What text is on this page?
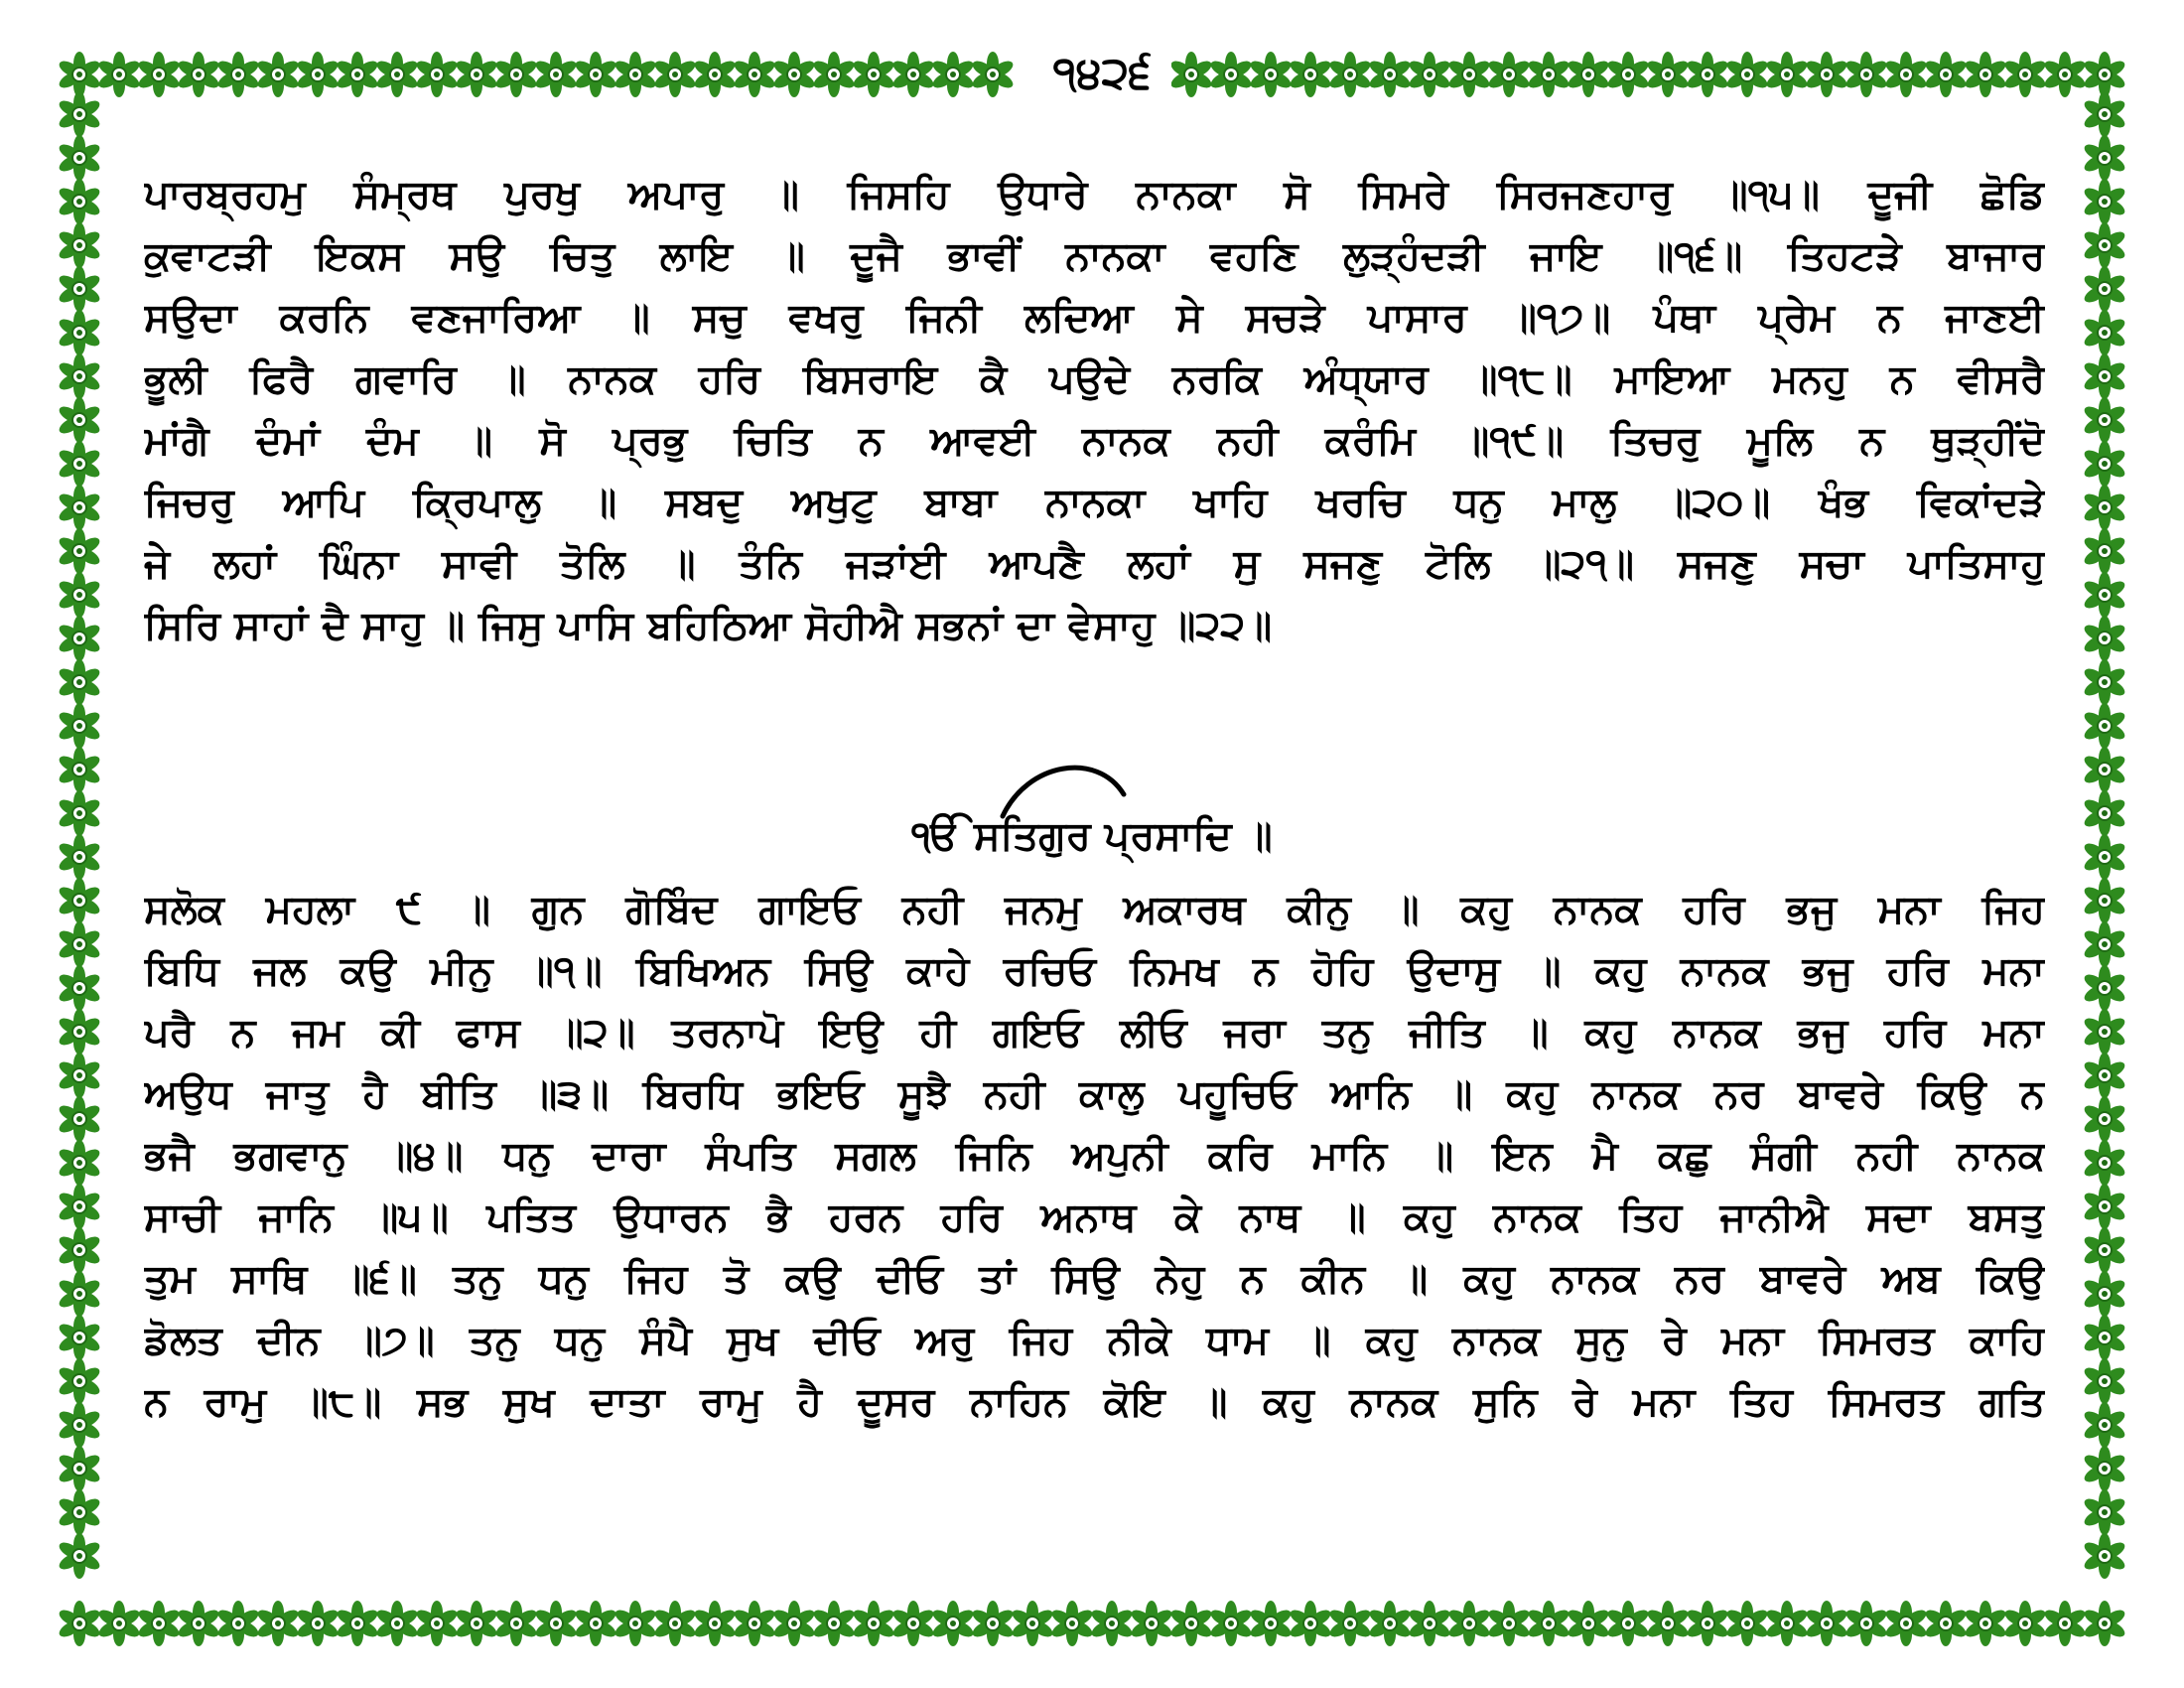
੧੪੨੬
ਪਾਰਬ੍ਰਹਮੁ ਸੰਮ੍ਰਥ ਪੁਰਖੁ ਅਪਾਰੁ ॥ ਜਿਸਹਿ ਉਧਾਰੇ ਨਾਨਕਾ ਸੋ ਸਿਮਰੇ ਸਿਰਜਣਹਾਰੁ ॥੧੫॥ ਦੂਜੀ ਛੋਡਿ
ਕੁਵਾਟੜੀ ਇਕਸ ਸਉ ਚਿਤੁ ਲਾਇ ॥ ਦੂਜੈ ਭਾਵੀਂ ਨਾਨਕਾ ਵਹਣਿ ਲੁੜ੍ਹੰਦੜੀ ਜਾਇ ॥੧੬॥ ਤਿਹਟੜੇ ਬਾਜਾਰ
ਸਉਦਾ ਕਰਨਿ ਵਣਜਾਰਿਆ ॥ ਸਚੁ ਵਖਰੁ ਜਿਨੀ ਲਦਿਆ ਸੇ ਸਚੜੇ ਪਾਸਾਰ ॥੧੭॥ ਪੰਥਾ ਪ੍ਰੇਮ ਨ ਜਾਣਈ
ਭੂਲੀ ਫਿਰੈ ਗਵਾਰਿ ॥ ਨਾਨਕ ਹਰਿ ਬਿਸਰਾਇ ਕੈ ਪਉਦੇ ਨਰਕਿ ਅੰਧ੍ਯਾਰ ॥੧੮॥ ਮਾਇਆ ਮਨਹੁ ਨ ਵੀਸਰੈ
ਮਾਂਗੈ ਦੰਮਾਂ ਦੰਮ ॥ ਸੋ ਪ੍ਰਭੁ ਚਿਤਿ ਨ ਆਵਈ ਨਾਨਕ ਨਹੀ ਕਰੰਮਿ ॥੧੯॥ ਤਿਚਰੁ ਮੂਲਿ ਨ ਥੁੜ੍ਹੀਂਦੋ
ਜਿਚਰੁ ਆਪਿ ਕ੍ਰਿਪਾਲੁ ॥ ਸਬਦੁ ਅਖੁਟੁ ਬਾਬਾ ਨਾਨਕਾ ਖਾਹਿ ਖਰਚਿ ਧਨੁ ਮਾਲੁ ॥੨੦॥ ਖੰਭ ਵਿਕਾਂਦੜੇ
ਜੇ ਲਹਾਂ ਘਿੰਨਾ ਸਾਵੀ ਤੋਲਿ ॥ ਤੰਨਿ ਜੜਾਂਈ ਆਪਣੈ ਲਹਾਂ ਸੁ ਸਜਣੁ ਟੋਲਿ ॥੨੧॥ ਸਜਣੁ ਸਚਾ ਪਾਤਿਸਾਹੁ
ਸਿਰਿ ਸਾਹਾਂ ਦੈ ਸਾਹੁ ॥ ਜਿਸੁ ਪਾਸਿ ਬਹਿਠਿਆ ਸੋਹੀਐ ਸਭਨਾਂ ਦਾ ਵੇਸਾਹੁ ॥੨੨॥
ੴ ਸਤਿਗੁਰ ਪ੍ਰਸਾਦਿ ॥
ਸਲੋਕ ਮਹਲਾ ੯ ॥ ਗੁਨ ਗੋਬਿੰਦ ਗਾਇਓ ਨਹੀ ਜਨਮੁ ਅਕਾਰਥ ਕੀਨੁ ॥ ਕਹੁ ਨਾਨਕ ਹਰਿ ਭਜੁ ਮਨਾ ਜਿਹ
ਬਿਧਿ ਜਲ ਕਉ ਮੀਨੁ ॥੧॥ ਬਿਖਿਅਨ ਸਿਉ ਕਾਹੇ ਰਚਿਓ ਨਿਮਖ ਨ ਹੋਹਿ ਉਦਾਸੁ ॥ ਕਹੁ ਨਾਨਕ ਭਜੁ ਹਰਿ ਮਨਾ
ਪਰੈ ਨ ਜਮ ਕੀ ਫਾਸ ॥੨॥ ਤਰਨਾਪੋ ਇਉ ਹੀ ਗਇਓ ਲੀਓ ਜਰਾ ਤਨੁ ਜੀਤਿ ॥ ਕਹੁ ਨਾਨਕ ਭਜੁ ਹਰਿ ਮਨਾ
ਅਉਧ ਜਾਤੁ ਹੈ ਬੀਤਿ ॥੩॥ ਬਿਰਧਿ ਭਇਓ ਸੂਝੈ ਨਹੀ ਕਾਲੁ ਪਹੂਚਿਓ ਆਨਿ ॥ ਕਹੁ ਨਾਨਕ ਨਰ ਬਾਵਰੇ ਕਿਉ ਨ
ਭਜੈ ਭਗਵਾਨੁ ॥੪॥ ਧਨੁ ਦਾਰਾ ਸੰਪਤਿ ਸਗਲ ਜਿਨਿ ਅਪੁਨੀ ਕਰਿ ਮਾਨਿ ॥ ਇਨ ਮੈ ਕਛੁ ਸੰਗੀ ਨਹੀ ਨਾਨਕ
ਸਾਚੀ ਜਾਨਿ ॥੫॥ ਪਤਿਤ ਉਧਾਰਨ ਭੈ ਹਰਨ ਹਰਿ ਅਨਾਥ ਕੇ ਨਾਥ ॥ ਕਹੁ ਨਾਨਕ ਤਿਹ ਜਾਨੀਐ ਸਦਾ ਬਸਤੁ
ਤੁਮ ਸਾਥਿ ॥੬॥ ਤਨੁ ਧਨੁ ਜਿਹ ਤੋ ਕਉ ਦੀਓ ਤਾਂ ਸਿਉ ਨੇਹੁ ਨ ਕੀਨ ॥ ਕਹੁ ਨਾਨਕ ਨਰ ਬਾਵਰੇ ਅਬ ਕਿਉ
ਡੋਲਤ ਦੀਨ ॥੭॥ ਤਨੁ ਧਨੁ ਸੰਪੈ ਸੁਖ ਦੀਓ ਅਰੁ ਜਿਹ ਨੀਕੇ ਧਾਮ ॥ ਕਹੁ ਨਾਨਕ ਸੁਨੁ ਰੇ ਮਨਾ ਸਿਮਰਤ ਕਾਹਿ
ਨ ਰਾਮੁ ॥੮॥ ਸਭ ਸੁਖ ਦਾਤਾ ਰਾਮੁ ਹੈ ਦੂਸਰ ਨਾਹਿਨ ਕੋਇ ॥ ਕਹੁ ਨਾਨਕ ਸੁਨਿ ਰੇ ਮਨਾ ਤਿਹ ਸਿਮਰਤ ਗਤਿ
